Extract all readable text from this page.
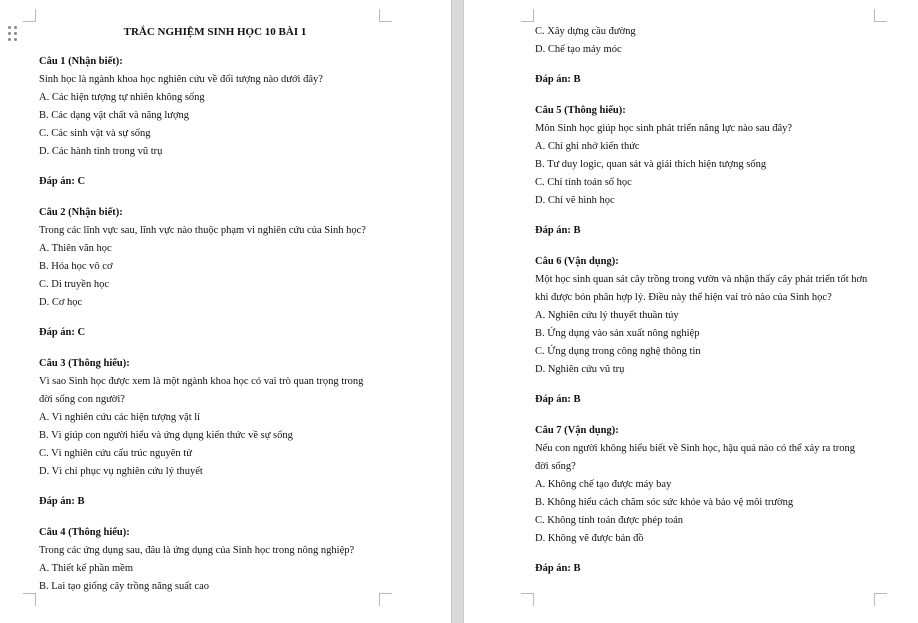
TRẮC NGHIỆM SINH HỌC 10 BÀI 1

Câu 1 (Nhận biết):

Sinh học là ngành khoa học nghiên cứu về đối tượng nào dưới đây?

A. Các hiện tượng tự nhiên không sống

B. Các dạng vật chất và năng lượng

C. Các sinh vật và sự sống

D. Các hành tinh trong vũ trụ

Đáp án: C

Câu 2 (Nhận biết):

Trong các lĩnh vực sau, lĩnh vực nào thuộc phạm vi nghiên cứu của Sinh học?

A. Thiên văn học

B. Hóa học vô cơ

C. Di truyền học

D. Cơ học

Đáp án: C

Câu 3 (Thông hiểu):

Vì sao Sinh học được xem là một ngành khoa học có vai trò quan trọng trong

đời sống con người?

A. Vì nghiên cứu các hiện tượng vật lí

B. Vì giúp con người hiểu và ứng dụng kiến thức về sự sống

C. Vì nghiên cứu cấu trúc nguyên tử

D. Vì chỉ phục vụ nghiên cứu lý thuyết

Đáp án: B

Câu 4 (Thông hiểu):

Trong các ứng dụng sau, đâu là ứng dụng của Sinh học trong nông nghiệp?

A. Thiết kế phần mềm

B. Lai tạo giống cây trồng năng suất cao

C. Xây dựng cầu đường

D. Chế tạo máy móc

Đáp án: B

Câu 5 (Thông hiểu):

Môn Sinh học giúp học sinh phát triển năng lực nào sau đây?

A. Chỉ ghi nhớ kiến thức

B. Tư duy logic, quan sát và giải thích hiện tượng sống

C. Chỉ tính toán số học

D. Chỉ vẽ hình học

Đáp án: B

Câu 6 (Vận dụng):

Một học sinh quan sát cây trồng trong vườn và nhận thấy cây phát triển tốt hơn

khi được bón phân hợp lý. Điều này thể hiện vai trò nào của Sinh học?

A. Nghiên cứu lý thuyết thuần túy

B. Ứng dụng vào sản xuất nông nghiệp

C. Ứng dụng trong công nghệ thông tin

D. Nghiên cứu vũ trụ

Đáp án: B

Câu 7 (Vận dụng):

Nếu con người không hiểu biết về Sinh học, hậu quả nào có thể xảy ra trong

đời sống?

A. Không chế tạo được máy bay

B. Không hiểu cách chăm sóc sức khỏe và bảo vệ môi trường

C. Không tính toán được phép toán

D. Không vẽ được bản đồ

Đáp án: B
